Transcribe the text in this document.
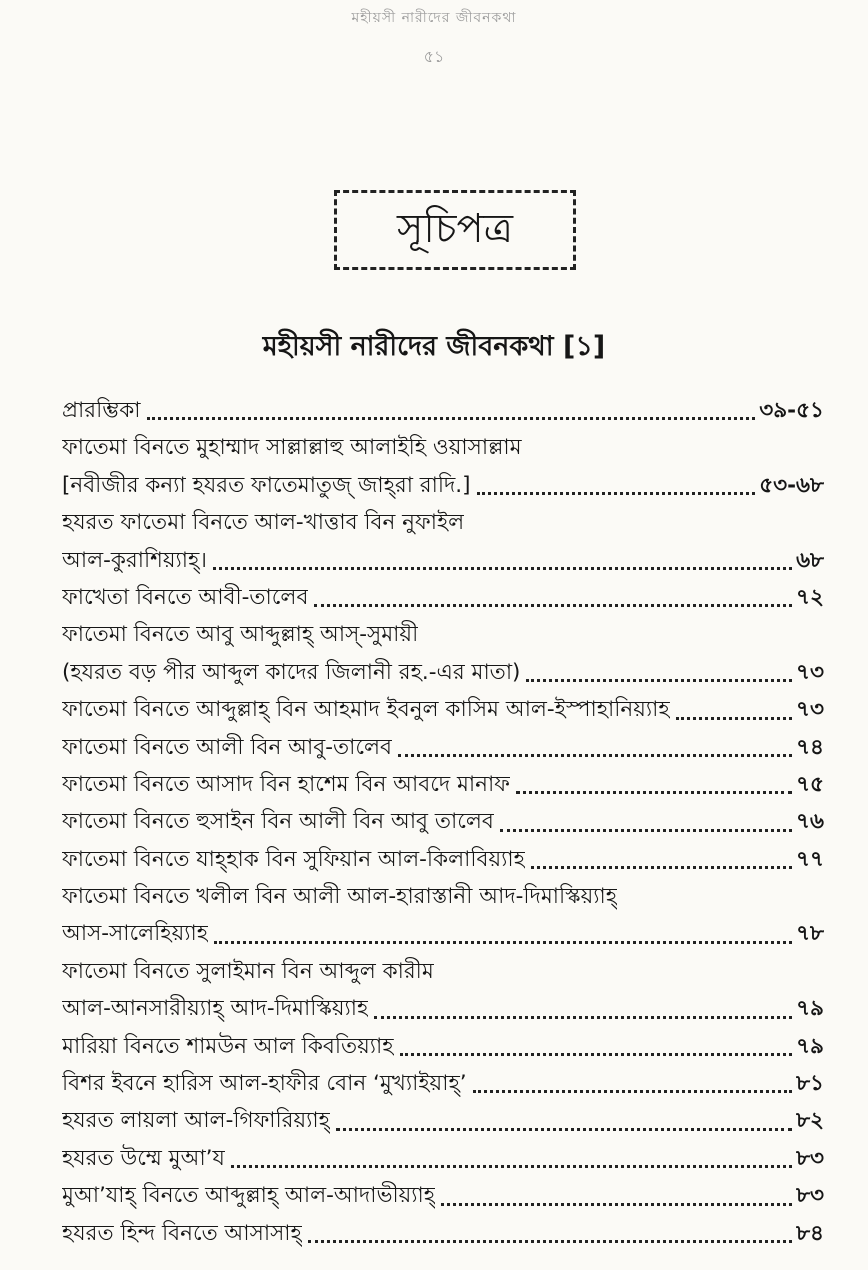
মহীয়সী নারীদের জীবনকথা
৫১
সূচিপত্র
মহীয়সী নারীদের জীবনকথা [১]
প্রারম্ভিকা	৩৯-৫১
ফাতেমা বিনতে মুহাম্মাদ সাল্লাল্লাহু আলাইহি ওয়াসাল্লাম
[নবীজীর কন্যা হযরত ফাতেমাতুজ্ জাহ্‌রা রাদি.]	৫৩-৬৮
হযরত ফাতেমা বিনতে আল-খাত্তাব বিন নুফাইল
আল-কুরাশিয়্যাহ্।	৬৮
ফাখেতা বিনতে আবী-তালেব	৭২
ফাতেমা বিনতে আবু আব্দুল্লাহ্ আস্-সুমায়ী
(হযরত বড় পীর আব্দুল কাদের জিলানী রহ.-এর মাতা)	৭৩
ফাতেমা বিনতে আব্দুল্লাহ্ বিন আহমাদ ইবনুল কাসিম আল-ইস্পাহানিয়্যাহ	৭৩
ফাতেমা বিনতে আলী বিন আবু-তালেব	৭৪
ফাতেমা বিনতে আসাদ বিন হাশেম বিন আবদে মানাফ	৭৫
ফাতেমা বিনতে হুসাইন বিন আলী বিন আবু তালেব	৭৬
ফাতেমা বিনতে যাহ্‌হাক বিন সুফিয়ান আল-কিলাবিয়্যাহ	৭৭
ফাতেমা বিনতে খলীল বিন আলী আল-হারাস্তানী আদ-দিমাস্কিয়্যাহ্
আস-সালেহিয়্যাহ	৭৮
ফাতেমা বিনতে সুলাইমান বিন আব্দুল কারীম
আল-আনসারীয়্যাহ্ আদ-দিমাস্কিয়্যাহ	৭৯
মারিয়া বিনতে শামউন আল কিবতিয়্যাহ	৭৯
বিশর ইবনে হারিস আল-হাফীর বোন ‘মুখ্যাইয়াহ্’	৮১
হযরত লায়লা আল-গিফারিয়্যাহ্	৮২
হযরত উম্মে মুআ’য	৮৩
মুআ’যাহ্ বিনতে আব্দুল্লাহ্ আল-আদাভীয়্যাহ্	৮৩
হযরত হিন্দ বিনতে আসাসাহ্	৮৪
